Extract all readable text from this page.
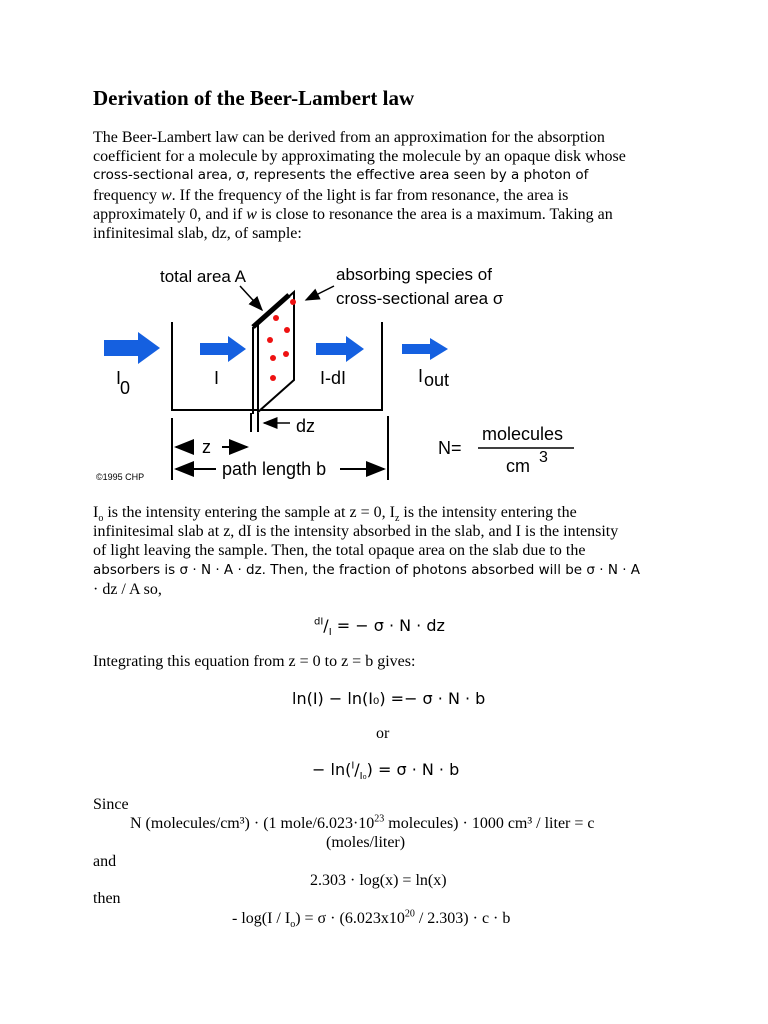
Derivation of the Beer-Lambert law
The Beer-Lambert law can be derived from an approximation for the absorption
coefficient for a molecule by approximating the molecule by an opaque disk whose
cross-sectional area, σ, represents the effective area seen by a photon of
frequency w. If the frequency of the light is far from resonance, the area is
approximately 0, and if w is close to resonance the area is a maximum. Taking an
infinitesimal slab, dz, of sample:
total area A	absorbing species of
cross-sectional area σ
I
0	I	I-dI	I out
dz
z
path length b
N=
molecules
cm 3
©1995 CHP
$I_o$ is the intensity entering the sample at z = 0, $I_z$ is the intensity entering the
infinitesimal slab at z, dI is the intensity absorbed in the slab, and I is the intensity
of light leaving the sample. Then, the total opaque area on the slab due to the
absorbers is σ · N · A · dz. Then, the fraction of photons absorbed will be σ · N · A
· dz / A so,
$^{dI}/_I$ = − σ · N · dz
Integrating this equation from z = 0 to z = b gives:
ln(I) − ln(I₀) =− σ · N · b
or
− $\ln(^I/_{I_0}) = \sigma \cdot N \cdot b$
Since
N (molecules/cm³) · (1 mole/$6.023\cdot 10^{23}$ molecules) · 1000 cm³ / liter = c
(moles/liter)
and
2.303 · log(x) = ln(x)
then
- $\log(I / I_o) = \sigma \cdot (6.023x10^{20} / 2.303) \cdot c \cdot b$
